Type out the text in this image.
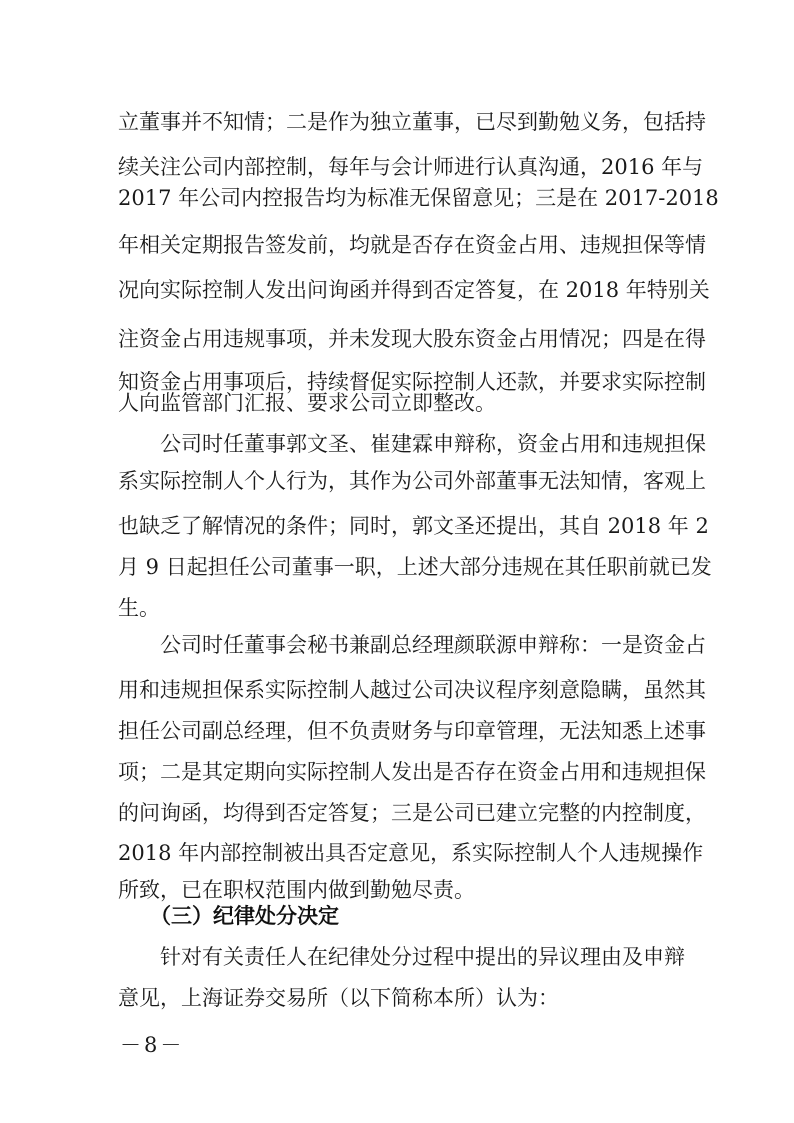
立董事并不知情；二是作为独立董事，已尽到勤勉义务，包括持
续关注公司内部控制，每年与会计师进行认真沟通，2016 年与
2017 年公司内控报告均为标准无保留意见；三是在 2017-2018
年相关定期报告签发前，均就是否存在资金占用、违规担保等情
况向实际控制人发出问询函并得到否定答复，在 2018 年特别关
注资金占用违规事项，并未发现大股东资金占用情况；四是在得
知资金占用事项后，持续督促实际控制人还款，并要求实际控制
人向监管部门汇报、要求公司立即整改。
公司时任董事郭文圣、崔建霖申辩称，资金占用和违规担保
系实际控制人个人行为，其作为公司外部董事无法知情，客观上
也缺乏了解情况的条件；同时，郭文圣还提出，其自 2018 年 2
月 9 日起担任公司董事一职，上述大部分违规在其任职前就已发
生。
公司时任董事会秘书兼副总经理颜联源申辩称：一是资金占
用和违规担保系实际控制人越过公司决议程序刻意隐瞒，虽然其
担任公司副总经理，但不负责财务与印章管理，无法知悉上述事
项；二是其定期向实际控制人发出是否存在资金占用和违规担保
的问询函，均得到否定答复；三是公司已建立完整的内控制度，
2018 年内部控制被出具否定意见，系实际控制人个人违规操作
所致，已在职权范围内做到勤勉尽责。
（三）纪律处分决定
针对有关责任人在纪律处分过程中提出的异议理由及申辩
意见，上海证券交易所（以下简称本所）认为：
－8－
